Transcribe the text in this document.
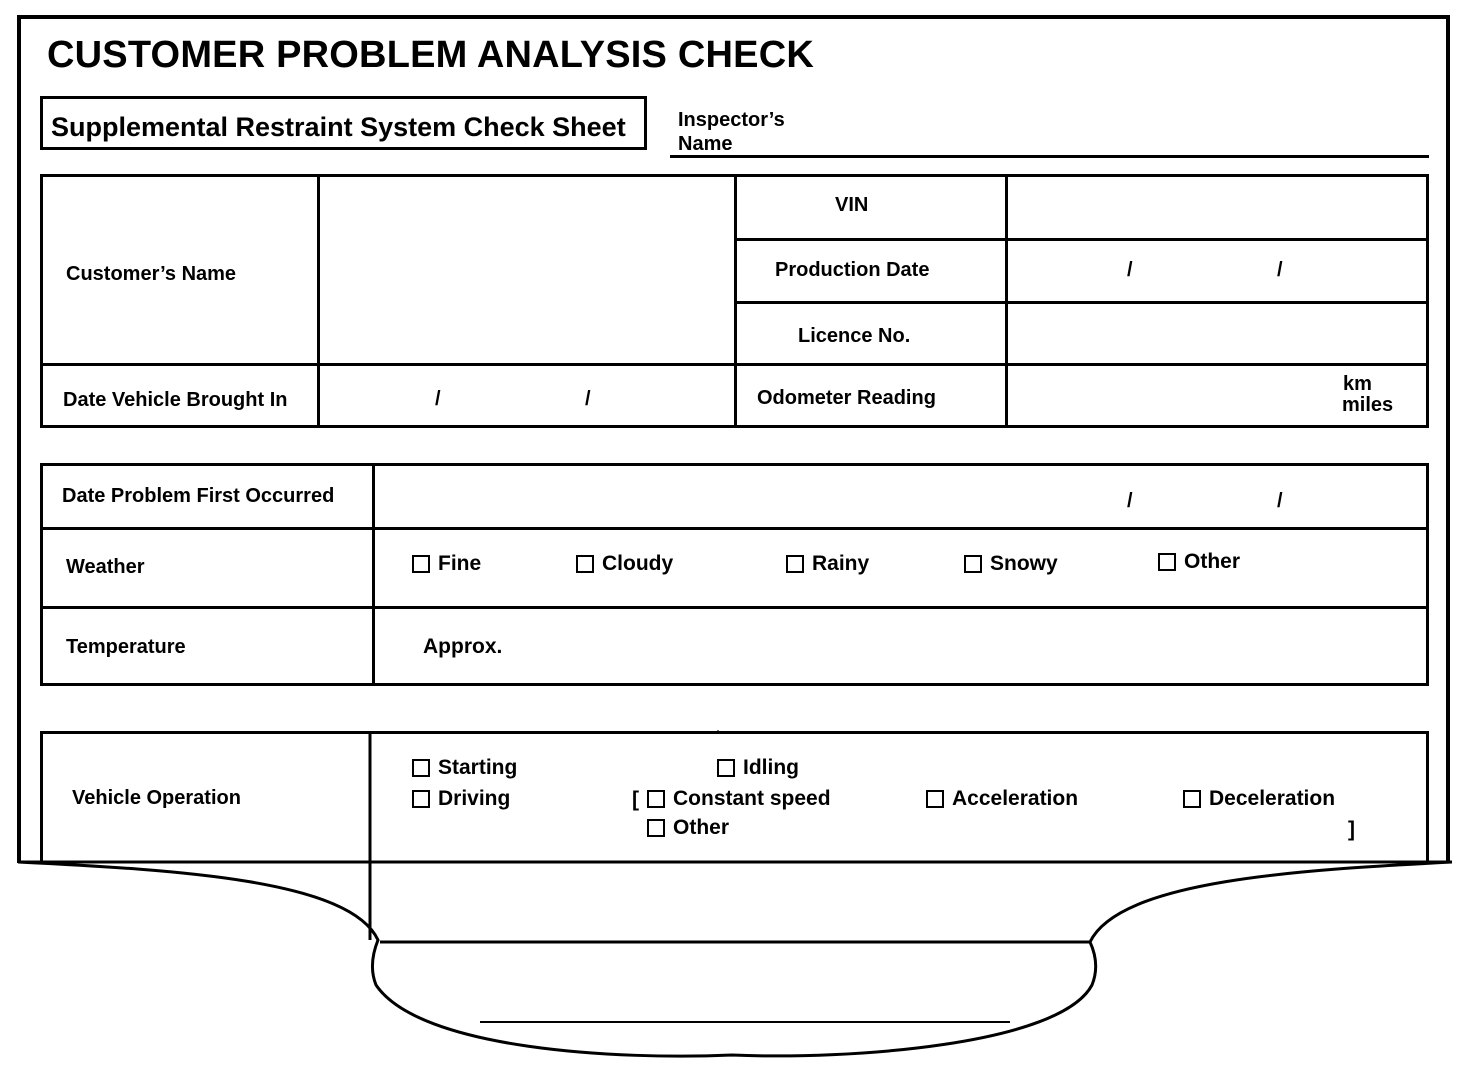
CUSTOMER PROBLEM ANALYSIS CHECK
Supplemental Restraint System Check Sheet	Inspector’s
Name
Customer’s Name
VIN
Production Date	/	/
Licence No.
Date Vehicle Brought In	/	/	Odometer Reading
km
miles
Date Problem First Occurred	/	/
Weather	Fine	Cloudy	Rainy	Snowy	Other
Temperature	Approx.
Vehicle Operation
·
Starting	Idling
Driving	[ Constant speed	Acceleration	Deceleration
Other	]
